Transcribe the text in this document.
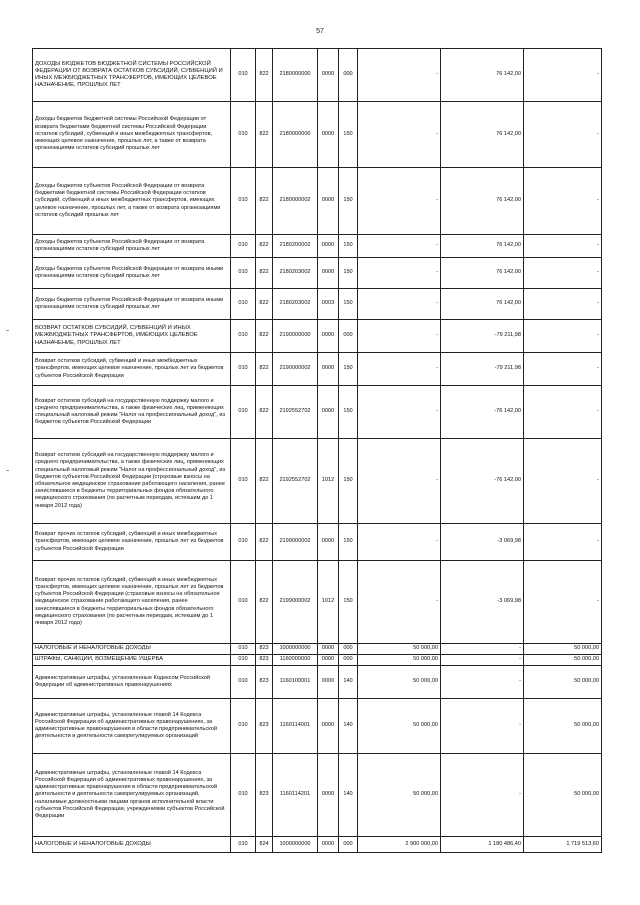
57
ДОХОДЫ БЮДЖЕТОВ БЮДЖЕТНОЙ СИСТЕМЫ РОССИЙСКОЙ ФЕДЕРАЦИИ ОТ ВОЗВРАТА ОСТАТКОВ СУБСИДИЙ, СУБВЕНЦИЙ И ИНЫХ МЕЖБЮДЖЕТНЫХ ТРАНСФЕРТОВ, ИМЕЮЩИХ ЦЕЛЕВОЕ НАЗНАЧЕНИЕ, ПРОШЛЫХ ЛЕТ	010	822	2180000000	0000	000	-	76 142,00	-
Доходы бюджетов бюджетной системы Российской Федерации от возврата бюджетами бюджетной системы Российской Федерации остатков субсидий, субвенций и иных межбюджетных трансфертов, имеющих целевое назначение, прошлых лет, а также от возврата организациями остатков субсидий прошлых лет	010	822	2180000000	0000	150	-	76 142,00	-
Доходы бюджетов субъектов Российской Федерации от возврата бюджетами бюджетной системы Российской Федерации остатков субсидий, субвенций и иных межбюджетных трансфертов, имеющих целевое назначение, прошлых лет, а также от возврата организациями остатков субсидий прошлых лет	010	822	2180000002	0000	150	-	76 142,00	-
Доходы бюджетов субъектов Российской Федерации от возврата организациями остатков субсидий прошлых лет	010	822	2180200002	0000	150	-	76 142,00	-
Доходы бюджетов субъектов Российской Федерации от возврата иными организациями остатков субсидий прошлых лет	010	822	2180203002	0000	150	-	76 142,00	-
Доходы бюджетов субъектов Российской Федерации от возврата иными организациями остатков субсидий прошлых лет	010	822	2180203002	0003	150	-	76 142,00	-
ВОЗВРАТ ОСТАТКОВ СУБСИДИЙ, СУБВЕНЦИЙ И ИНЫХ МЕЖБЮДЖЕТНЫХ ТРАНСФЕРТОВ, ИМЕЮЩИХ ЦЕЛЕВОЕ НАЗНАЧЕНИЕ, ПРОШЛЫХ ЛЕТ	010	822	2190000000	0000	000	-	-79 211,98	-
Возврат остатков субсидий, субвенций и иных межбюджетных трансфертов, имеющих целевое назначение, прошлых лет из бюджетов субъектов Российской Федерации	010	822	2190000002	0000	150	-	-79 211,98	-
Возврат остатков субсидий на государственную поддержку малого и среднего предпринимательства, а также физических лиц, применяющих специальный налоговый режим "Налог на профессиональный доход", из бюджетов субъектов Российской Федерации	010	822	2192552702	0000	150	-	-76 142,00	-
Возврат остатков субсидий на государственную поддержку малого и среднего предпринимательства, а также физических лиц, применяющих специальный налоговый режим "Налог на профессиональный доход", из бюджетов субъектов Российской Федерации (страховые взносы на обязательное медицинское страхование работающего населения, ранее зачислявшиеся в бюджеты территориальных фондов обязательного медицинского страхования (по расчетным периодам, истекшим до 1 января 2012 года)	010	822	2192552702	1012	150	-	-76 142,00	-
Возврат прочих остатков субсидий, субвенций и иных межбюджетных трансфертов, имеющих целевое назначение, прошлых лет из бюджетов субъектов Российской Федерации	010	822	2199000002	0000	150	-	-3 069,98	-
Возврат прочих остатков субсидий, субвенций и иных межбюджетных трансфертов, имеющих целевое назначение, прошлых лет из бюджетов субъектов Российской Федерации (страховые взносы на обязательное медицинское страхование работающего населения, ранее зачислявшиеся в бюджеты территориальных фондов обязательного медицинского страхования (по расчетным периодам, истекшим до 1 января 2012 года)	010	822	2199000002	1012	150	-	-3 069,98	-
НАЛОГОВЫЕ И НЕНАЛОГОВЫЕ ДОХОДЫ	010	823	1000000000	0000	000	50 000,00	-	50 000,00
ШТРАФЫ, САНКЦИИ, ВОЗМЕЩЕНИЕ УЩЕРБА	010	823	1160000000	0000	000	50 000,00	-	50 000,00
Административные штрафы, установленные Кодексом Российской Федерации об административных правонарушениях	010	823	1160100001	0000	140	50 000,00	-	50 000,00
Административные штрафы, установленные главой 14 Кодекса Российской Федерации об административных правонарушениях, за административные правонарушения в области предпринимательской деятельности и деятельности саморегулируемых организаций	010	823	1160114001	0000	140	50 000,00	-	50 000,00
Административные штрафы, установленные главой 14 Кодекса Российской Федерации об административных правонарушениях, за административные правонарушения в области предпринимательской деятельности и деятельности саморегулируемых организаций, налагаемые должностными лицами органов исполнительной власти субъектов Российской Федерации, учреждениями субъектов Российской Федерации	010	823	1160114201	0000	140	50 000,00	-	50 000,00
НАЛОГОВЫЕ И НЕНАЛОГОВЫЕ ДОХОДЫ	010	824	1000000000	0000	000	2 900 000,00	1 180 486,40	1 719 513,60
